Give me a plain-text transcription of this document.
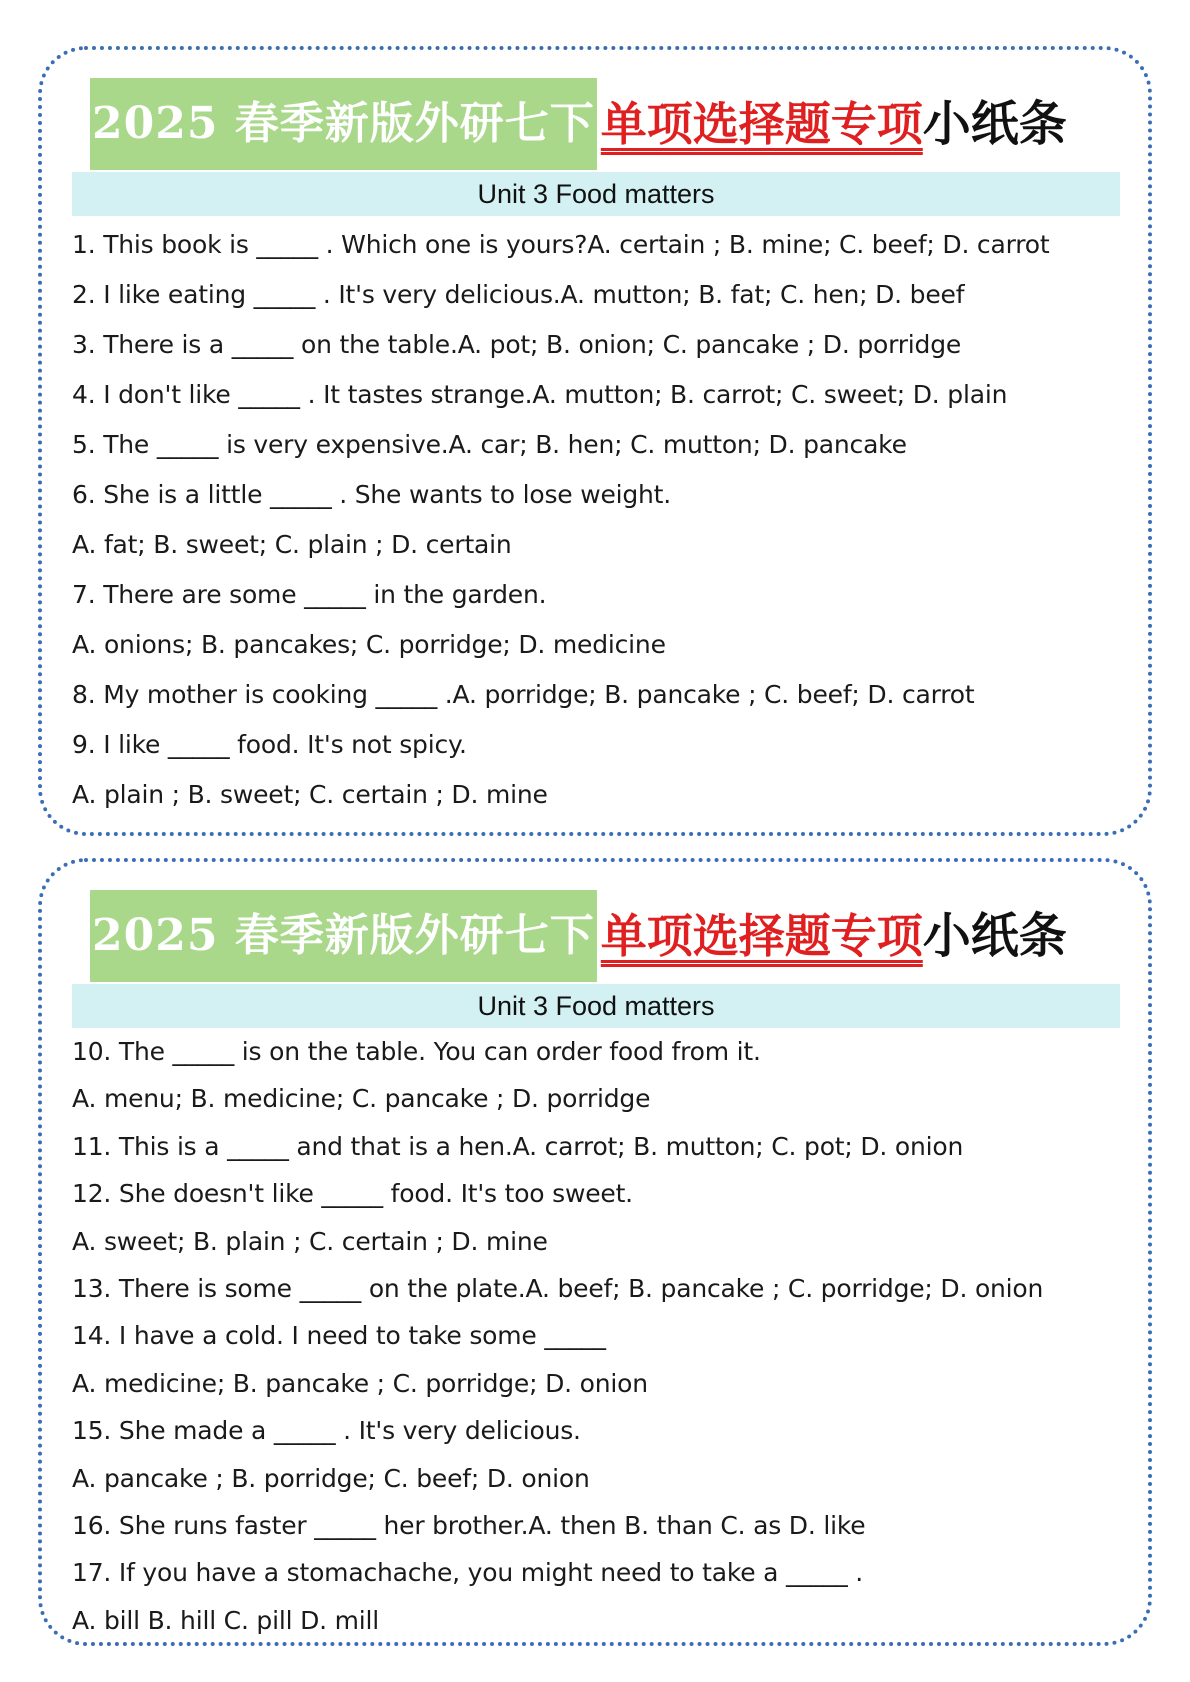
2025 春季新版外研七下 单项选择题专项 小纸条
Unit 3 Food matters
1. This book is _____ . Which one is yours?A. certain ; B. mine; C. beef; D. carrot
2. I like eating _____ . It's very delicious.A. mutton; B. fat; C. hen; D. beef
3. There is a _____ on the table.A. pot; B. onion; C. pancake ; D. porridge
4. I don't like _____ . It tastes strange.A. mutton; B. carrot; C. sweet; D. plain
5. The _____ is very expensive.A. car; B. hen; C. mutton; D. pancake
6. She is a little _____ . She wants to lose weight.
A. fat; B. sweet; C. plain ; D. certain
7. There are some _____ in the garden.
A. onions; B. pancakes; C. porridge; D. medicine
8. My mother is cooking _____ .A. porridge; B. pancake ; C. beef; D. carrot
9. I like _____ food. It's not spicy.
A. plain ; B. sweet; C. certain ; D. mine
2025 春季新版外研七下 单项选择题专项 小纸条
Unit 3 Food matters
10. The _____ is on the table. You can order food from it.
A. menu; B. medicine; C. pancake ; D. porridge
11. This is a _____ and that is a hen.A. carrot; B. mutton; C. pot; D. onion
12. She doesn't like _____ food. It's too sweet.
A. sweet; B. plain ; C. certain ; D. mine
13. There is some _____ on the plate.A. beef; B. pancake ; C. porridge; D. onion
14. I have a cold. I need to take some _____
A. medicine; B. pancake ; C. porridge; D. onion
15. She made a _____ . It's very delicious.
A. pancake ; B. porridge; C. beef; D. onion
16. She runs faster _____ her brother.A. then B. than C. as D. like
17. If you have a stomachache, you might need to take a _____ .
A. bill B. hill C. pill D. mill
